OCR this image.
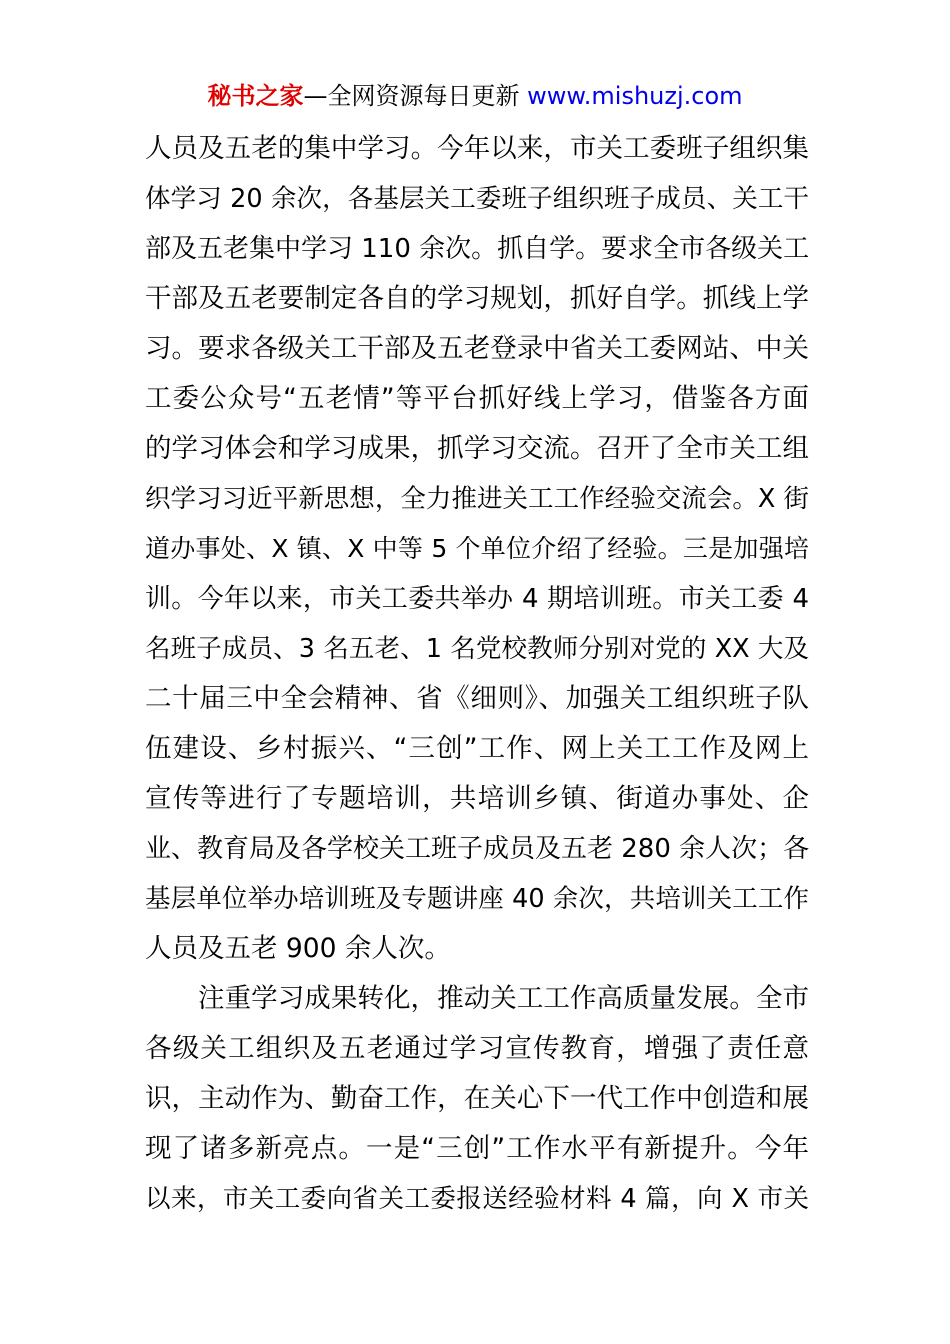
秘书之家—全网资源每日更新 www.mishuzj.com
人员及五老的集中学习。今年以来，市关工委班子组织集
体学习 20 余次，各基层关工委班子组织班子成员、关工干
部及五老集中学习 110 余次。抓自学。要求全市各级关工
干部及五老要制定各自的学习规划，抓好自学。抓线上学
习。要求各级关工干部及五老登录中省关工委网站、中关
工委公众号“五老情”等平台抓好线上学习，借鉴各方面
的学习体会和学习成果，抓学习交流。召开了全市关工组
织学习习近平新思想，全力推进关工工作经验交流会。X 街
道办事处、X 镇、X 中等 5 个单位介绍了经验。三是加强培
训。今年以来，市关工委共举办 4 期培训班。市关工委 4
名班子成员、3 名五老、1 名党校教师分别对党的 XX 大及
二十届三中全会精神、省《细则》、加强关工组织班子队
伍建设、乡村振兴、“三创”工作、网上关工工作及网上
宣传等进行了专题培训，共培训乡镇、街道办事处、企
业、教育局及各学校关工班子成员及五老 280 余人次；各
基层单位举办培训班及专题讲座 40 余次，共培训关工工作
人员及五老 900 余人次。
注重学习成果转化，推动关工工作高质量发展。全市
各级关工组织及五老通过学习宣传教育，增强了责任意
识，主动作为、勤奋工作，在关心下一代工作中创造和展
现了诸多新亮点。一是“三创”工作水平有新提升。今年
以来，市关工委向省关工委报送经验材料 4 篇，向 X 市关
